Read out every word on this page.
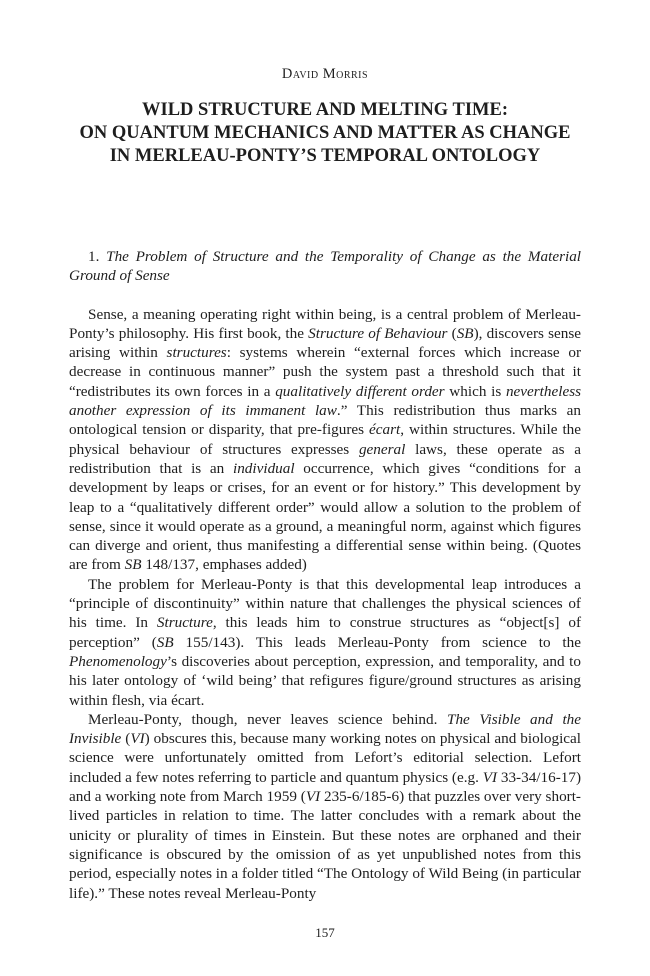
David Morris
WILD STRUCTURE AND MELTING TIME:
ON QUANTUM MECHANICS AND MATTER AS CHANGE
IN MERLEAU-PONTY’S TEMPORAL ONTOLOGY

1. The Problem of Structure and the Temporality of Change as the Material Ground of Sense

Sense, a meaning operating right within being, is a central problem of Merleau-Ponty’s philosophy. His first book, the Structure of Behaviour (SB), discovers sense arising within structures: systems wherein “external forces which increase or decrease in continuous manner” push the system past a threshold such that it “redistributes its own forces in a qualitatively different order which is nevertheless another expression of its immanent law.” This redistribution thus marks an ontological tension or disparity, that pre-figures écart, within structures. While the physical behaviour of structures expresses general laws, these operate as a redistribution that is an individual occurrence, which gives “conditions for a development by leaps or crises, for an event or for history.” This development by leap to a “qualitatively different order” would allow a solution to the problem of sense, since it would operate as a ground, a meaningful norm, against which figures can diverge and orient, thus manifesting a differential sense within being. (Quotes are from SB 148/137, emphases added)

The problem for Merleau-Ponty is that this developmental leap introduces a “principle of discontinuity” within nature that challenges the physical sciences of his time. In Structure, this leads him to construe structures as “object[s] of perception” (SB 155/143). This leads Merleau-Ponty from science to the Phenomenology’s discoveries about perception, expression, and temporality, and to his later ontology of ‘wild being’ that refigures figure/ground structures as arising within flesh, via écart.

Merleau-Ponty, though, never leaves science behind. The Visible and the Invisible (VI) obscures this, because many working notes on physical and biological science were unfortunately omitted from Lefort’s editorial selection. Lefort included a few notes referring to particle and quantum physics (e.g. VI 33-34/16-17) and a working note from March 1959 (VI 235-6/185-6) that puzzles over very short-lived particles in relation to time. The latter concludes with a remark about the unicity or plurality of times in Einstein. But these notes are orphaned and their significance is obscured by the omission of as yet unpublished notes from this period, especially notes in a folder titled “The Ontology of Wild Being (in particular life).” These notes reveal Merleau-Ponty

157
